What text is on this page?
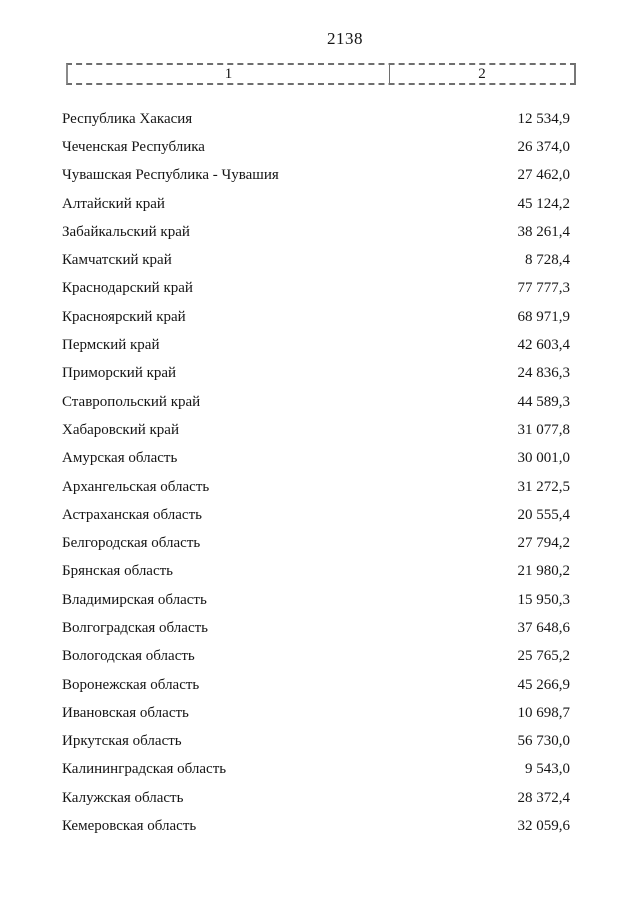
2138
1	2
Республика Хакасия	12 534,9
Чеченская Республика	26 374,0
Чувашская Республика - Чувашия	27 462,0
Алтайский край	45 124,2
Забайкальский край	38 261,4
Камчатский край	8 728,4
Краснодарский край	77 777,3
Красноярский край	68 971,9
Пермский край	42 603,4
Приморский край	24 836,3
Ставропольский край	44 589,3
Хабаровский край	31 077,8
Амурская область	30 001,0
Архангельская область	31 272,5
Астраханская область	20 555,4
Белгородская область	27 794,2
Брянская область	21 980,2
Владимирская область	15 950,3
Волгоградская область	37 648,6
Вологодская область	25 765,2
Воронежская область	45 266,9
Ивановская область	10 698,7
Иркутская область	56 730,0
Калининградская область	9 543,0
Калужская область	28 372,4
Кемеровская область	32 059,6
